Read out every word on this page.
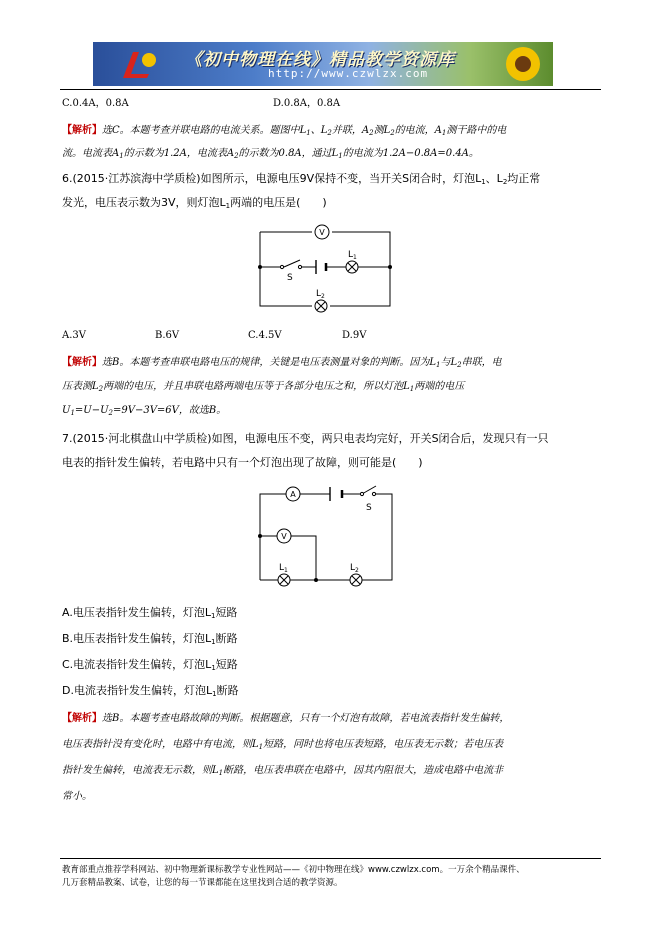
《初中物理在线》精品教学资源库
http://www.czwlzx.com
C.0.4A，0.8A	D.0.8A，0.8A
【解析】选C。本题考查并联电路的电流关系。题图中$L_1$、$L_2$并联，$A_2$测$L_2$的电流，$A_1$测干路中的电
流。电流表$A_1$的示数为1.2A，电流表$A_2$的示数为0.8A，通过$L_1$的电流为1.2A−0.8A=0.4A。
6.(2015·江苏滨海中学质检)如图所示，电源电压9V保持不变，当开关S闭合时，灯泡$L_1$、$L_2$均正常
发光，电压表示数为3V，则灯泡$L_1$两端的电压是(　　)
V
$L_1$
S
$L_2$
A.3V	B.6V	C.4.5V	D.9V
【解析】选B。本题考查串联电路电压的规律，关键是电压表测量对象的判断。因为$L_1$与$L_2$串联，电
压表测$L_2$两端的电压，并且串联电路两端电压等于各部分电压之和，所以灯泡$L_1$两端的电压
$U_1=U-U_2=9V-3V=6V$，故选B。
7.(2015·河北棋盘山中学质检)如图，电源电压不变，两只电表均完好，开关S闭合后，发现只有一只
电表的指针发生偏转，若电路中只有一个灯泡出现了故障，则可能是(　　)
A
S
V
$L_1$	$L_2$
A.电压表指针发生偏转，灯泡$L_1$短路
B.电压表指针发生偏转，灯泡$L_1$断路
C.电流表指针发生偏转，灯泡$L_1$短路
D.电流表指针发生偏转，灯泡$L_1$断路
【解析】选B。本题考查电路故障的判断。根据题意，只有一个灯泡有故障，若电流表指针发生偏转，
电压表指针没有变化时，电路中有电流，则$L_1$短路，同时也将电压表短路，电压表无示数；若电压表
指针发生偏转，电流表无示数，则$L_1$断路，电压表串联在电路中，因其内阻很大，造成电路中电流非
常小。
教育部重点推荐学科网站、初中物理新课标教学专业性网站——《初中物理在线》www.czwlzx.com。一万余个精品课件、
几万套精品教案、试卷，让您的每一节课都能在这里找到合适的教学资源。
